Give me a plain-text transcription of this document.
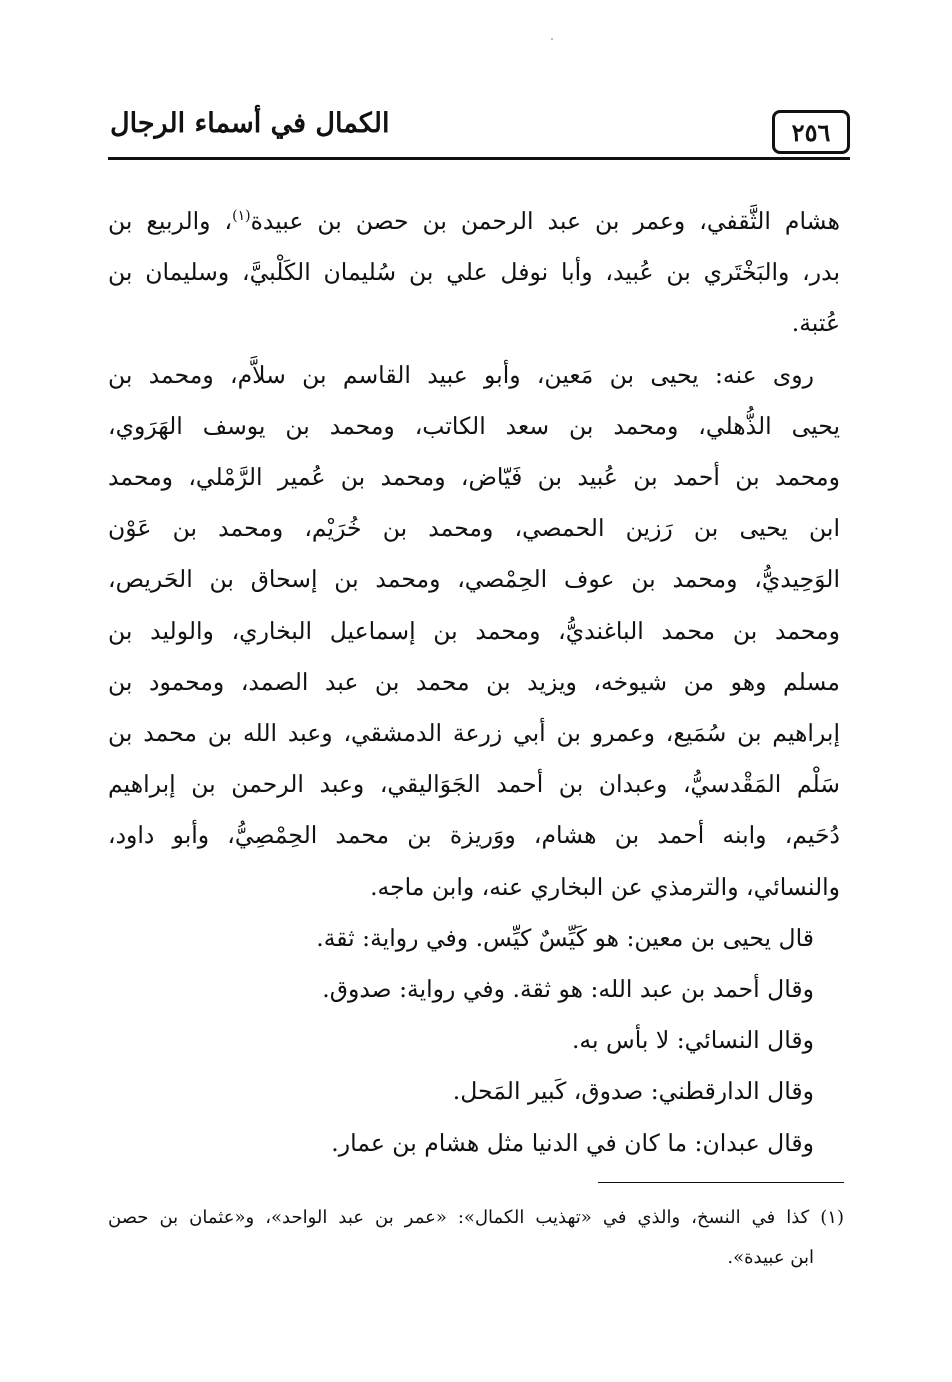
٢٥٦
الكمال في أسماء الرجال
هشام الثَّقفي، وعمر بن عبد الرحمن بن حصن بن عبيدة$^{(١)}$، والربيع بن
بدر، والبَخْتَري بن عُبيد، وأبا نوفل علي بن سُليمان الكَلْبيَّ، وسليمان بن
عُتبة.
روى عنه: يحيى بن مَعين، وأبو عبيد القاسم بن سلاَّم، ومحمد بن
يحيى الذُّهلي، ومحمد بن سعد الكاتب، ومحمد بن يوسف الهَرَوي،
ومحمد بن أحمد بن عُبيد بن فَيّاض، ومحمد بن عُمير الرَّمْلي، ومحمد
ابن يحيى بن رَزين الحمصي، ومحمد بن خُرَيْم، ومحمد بن عَوْن
الوَحِيديُّ، ومحمد بن عوف الحِمْصي، ومحمد بن إسحاق بن الحَريص،
ومحمد بن محمد الباغنديُّ، ومحمد بن إسماعيل البخاري، والوليد بن
مسلم وهو من شيوخه، ويزيد بن محمد بن عبد الصمد، ومحمود بن
إبراهيم بن سُمَيع، وعمرو بن أبي زرعة الدمشقي، وعبد الله بن محمد بن
سَلْم المَقْدسيُّ، وعبدان بن أحمد الجَوَاليقي، وعبد الرحمن بن إبراهيم
دُحَيم، وابنه أحمد بن هشام، ووَريزة بن محمد الحِمْصِيُّ، وأبو داود،
والنسائي، والترمذي عن البخاري عنه، وابن ماجه.
قال يحيى بن معين: هو كَيِّسٌ كيِّس. وفي رواية: ثقة.
وقال أحمد بن عبد الله: هو ثقة. وفي رواية: صدوق.
وقال النسائي: لا بأس به.
وقال الدارقطني: صدوق، كَبير المَحل.
وقال عبدان: ما كان في الدنيا مثل هشام بن عمار.
(١) كذا في النسخ، والذي في «تهذيب الكمال»: «عمر بن عبد الواحد»، و«عثمان بن حصن
ابن عبيدة».
